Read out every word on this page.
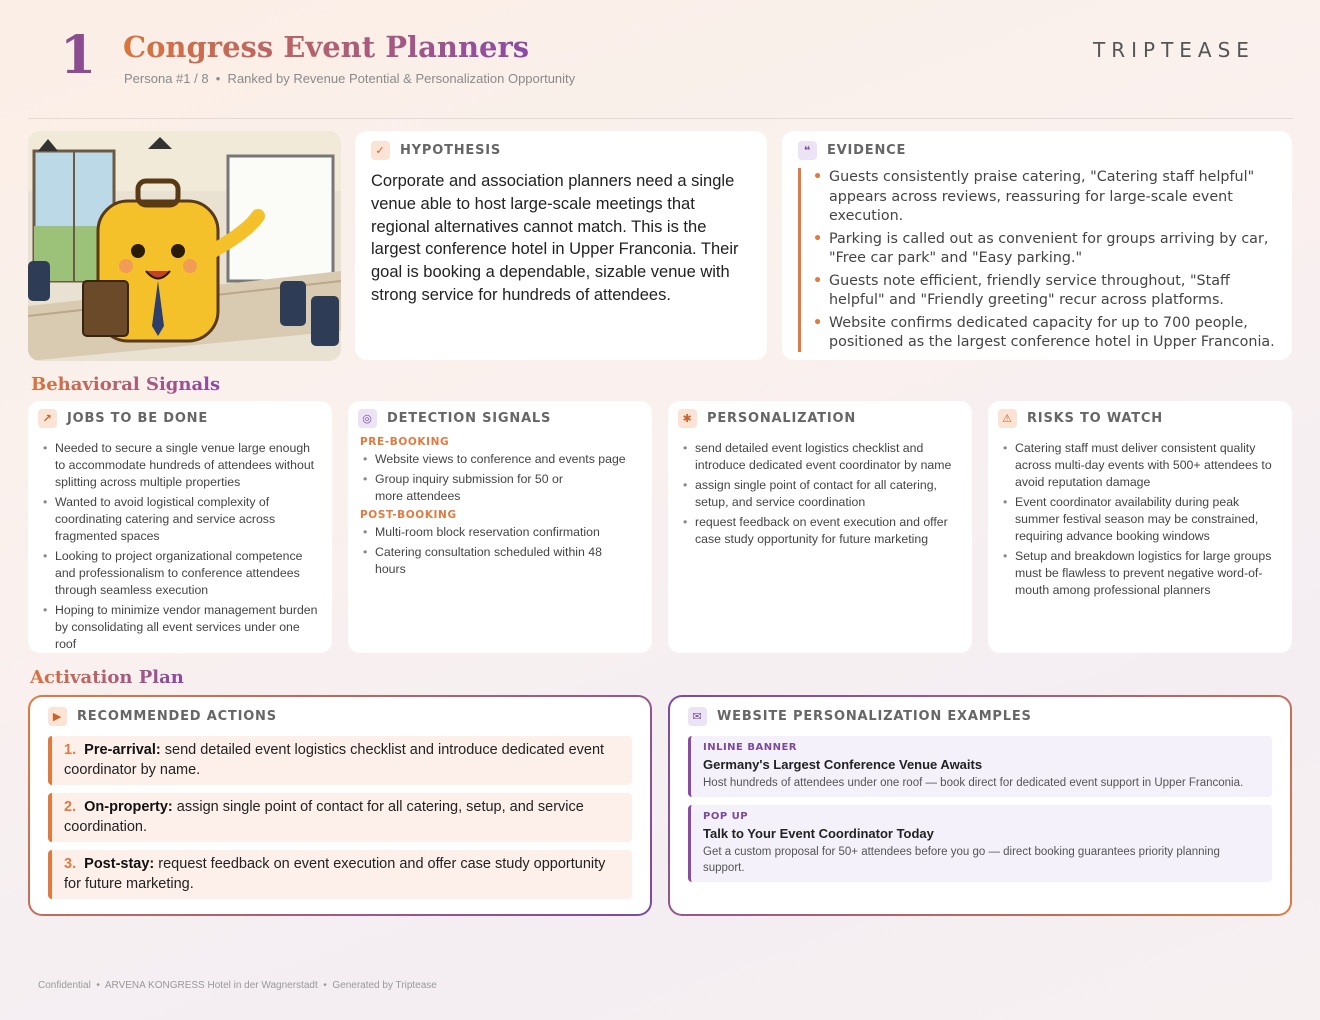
1 Congress Event Planners
Persona #1 / 8  •  Ranked by Revenue Potential & Personalization Opportunity
TRIPTEASE
✓	HYPOTHESIS
Corporate and association planners need a single venue able to host large-scale meetings that regional alternatives cannot match. This is the largest conference hotel in Upper Franconia. Their goal is booking a dependable, sizable venue with strong service for hundreds of attendees.
❝	EVIDENCE
• Guests consistently praise catering, "Catering staff helpful" appears across reviews, reassuring for large-scale event execution.
• Parking is called out as convenient for groups arriving by car, "Free car park" and "Easy parking."
• Guests note efficient, friendly service throughout, "Staff helpful" and "Friendly greeting" recur across platforms.
• Website confirms dedicated capacity for up to 700 people, positioned as the largest conference hotel in Upper Franconia.
Behavioral Signals
↗	JOBS TO BE DONE
• Needed to secure a single venue large enough to accommodate hundreds of attendees without splitting across multiple properties
• Wanted to avoid logistical complexity of coordinating catering and service across fragmented spaces
• Looking to project organizational competence and professionalism to conference attendees through seamless execution
• Hoping to minimize vendor management burden by consolidating all event services under one roof
◎	DETECTION SIGNALS
PRE-BOOKING
• Website views to conference and events page
• Group inquiry submission for 50 or more attendees
POST-BOOKING
• Multi-room block reservation confirmation
• Catering consultation scheduled within 48 hours
✱	PERSONALIZATION
• send detailed event logistics checklist and introduce dedicated event coordinator by name
• assign single point of contact for all catering, setup, and service coordination
• request feedback on event execution and offer case study opportunity for future marketing
⚠	RISKS TO WATCH
• Catering staff must deliver consistent quality across multi-day events with 500+ attendees to avoid reputation damage
• Event coordinator availability during peak summer festival season may be constrained, requiring advance booking windows
• Setup and breakdown logistics for large groups must be flawless to prevent negative word-of-mouth among professional planners
Activation Plan
▶	RECOMMENDED ACTIONS
1. Pre-arrival: send detailed event logistics checklist and introduce dedicated event coordinator by name.
2. On-property: assign single point of contact for all catering, setup, and service coordination.
3. Post-stay: request feedback on event execution and offer case study opportunity for future marketing.
✉	WEBSITE PERSONALIZATION EXAMPLES
INLINE BANNER
Germany's Largest Conference Venue Awaits
Host hundreds of attendees under one roof — book direct for dedicated event support in Upper Franconia.
POP UP
Talk to Your Event Coordinator Today
Get a custom proposal for 50+ attendees before you go — direct booking guarantees priority planning support.
Confidential  •  ARVENA KONGRESS Hotel in der Wagnerstadt  •  Generated by Triptease
